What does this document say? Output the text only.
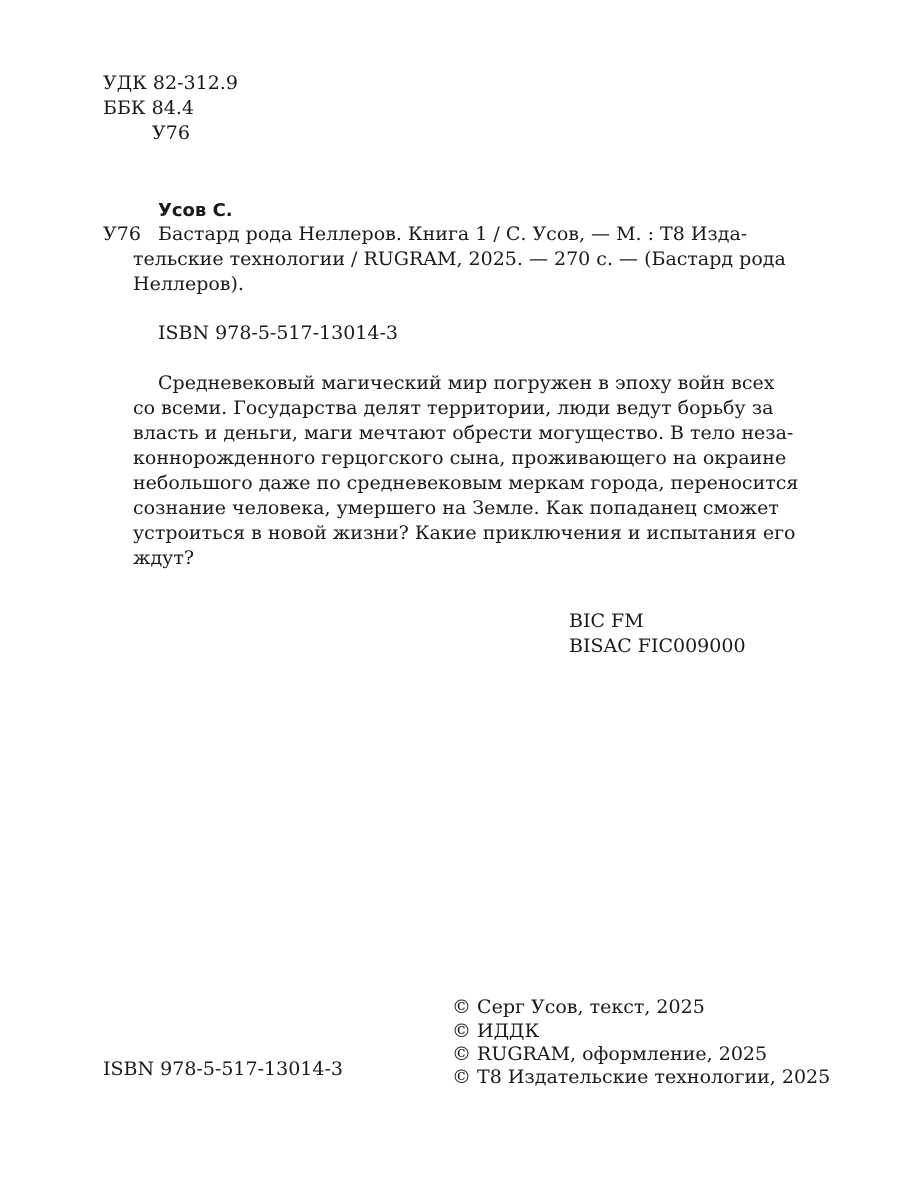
УДК 82-312.9
ББК 84.4
У76
Усов С.
У76 Бастард рода Неллеров. Книга 1 / С. Усов, — М. : Т8 Изда-
тельские технологии / RUGRAM, 2025. — 270 с. — (Бастард рода
Неллеров).
ISBN 978-5-517-13014-3
Средневековый магический мир погружен в эпоху войн всех
со всеми. Государства делят территории, люди ведут борьбу за
власть и деньги, маги мечтают обрести могущество. В тело неза-
коннорожденного герцогского сына, проживающего на окраине
небольшого даже по средневековым меркам города, переносится
сознание человека, умершего на Земле. Как попаданец сможет
устроиться в новой жизни? Какие приключения и испытания его
ждут?
BIC FM
BISAC FIC009000
ISBN 978-5-517-13014-3
© Серг Усов, текст, 2025
© ИДДК
© RUGRAM, оформление, 2025
© Т8 Издательские технологии, 2025
